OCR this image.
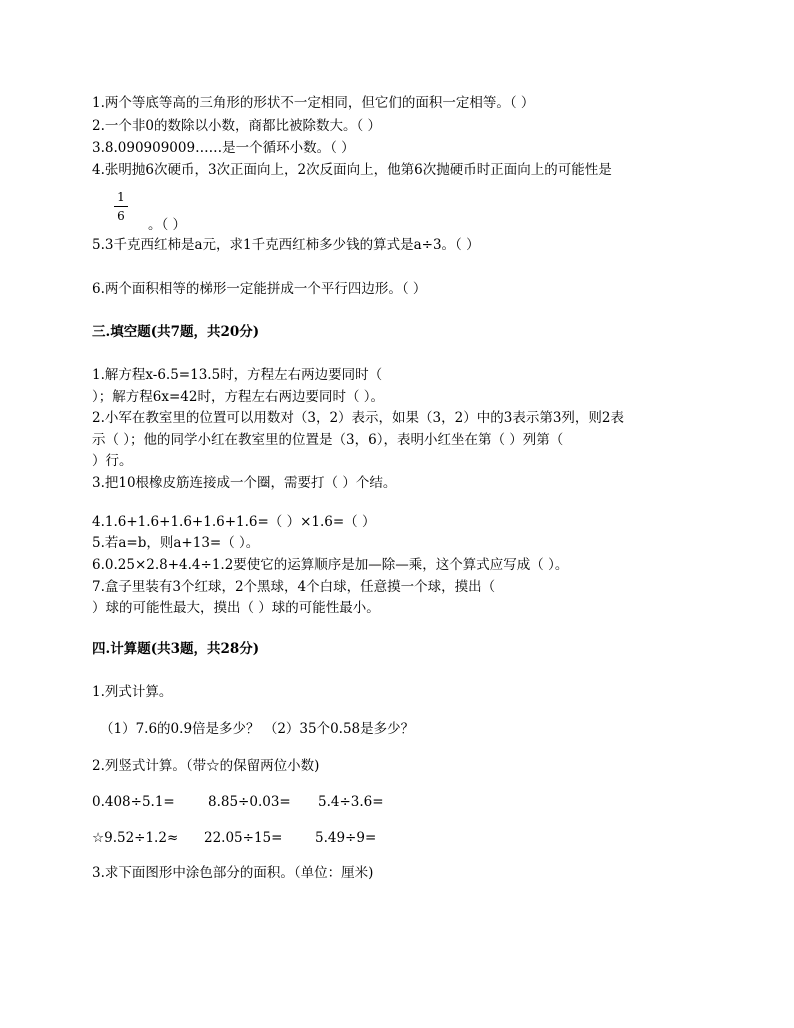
1.两个等底等高的三角形的形状不一定相同，但它们的面积一定相等。（ ）
2.一个非0的数除以小数，商都比被除数大。（ ）
3.8.090909009……是一个循环小数。（ ）
4.张明抛6次硬币，3次正面向上，2次反面向上，他第6次抛硬币时正面向上的可能性是
1
6
。（ ）
5.3千克西红柿是a元，求1千克西红柿多少钱的算式是a÷3。（ ）
6.两个面积相等的梯形一定能拼成一个平行四边形。（ ）
三.填空题(共7题，共20分)
1.解方程x-6.5=13.5时，方程左右两边要同时（
）；解方程6x=42时，方程左右两边要同时（ ）。
2.小军在教室里的位置可以用数对（3，2）表示，如果（3，2）中的3表示第3列，则2表
示（ ）；他的同学小红在教室里的位置是（3，6），表明小红坐在第（ ）列第（
）行。
3.把10根橡皮筋连接成一个圈，需要打（ ）个结。
4.1.6+1.6+1.6+1.6+1.6=（ ）×1.6=（ ）
5.若a=b，则a+13=（ ）。
6.0.25×2.8+4.4÷1.2要使它的运算顺序是加—除—乘，这个算式应写成（ ）。
7.盒子里装有3个红球，2个黑球，4个白球，任意摸一个球，摸出（
）球的可能性最大，摸出（ ）球的可能性最小。
四.计算题(共3题，共28分)
1.列式计算。
（1）7.6的0.9倍是多少？ （2）35个0.58是多少？
2.列竖式计算。（带☆的保留两位小数)
0.408÷5.1= 8.85÷0.03= 5.4÷3.6=
☆9.52÷1.2≈ 22.05÷15= 5.49÷9=
3.求下面图形中涂色部分的面积。（单位：厘米)
